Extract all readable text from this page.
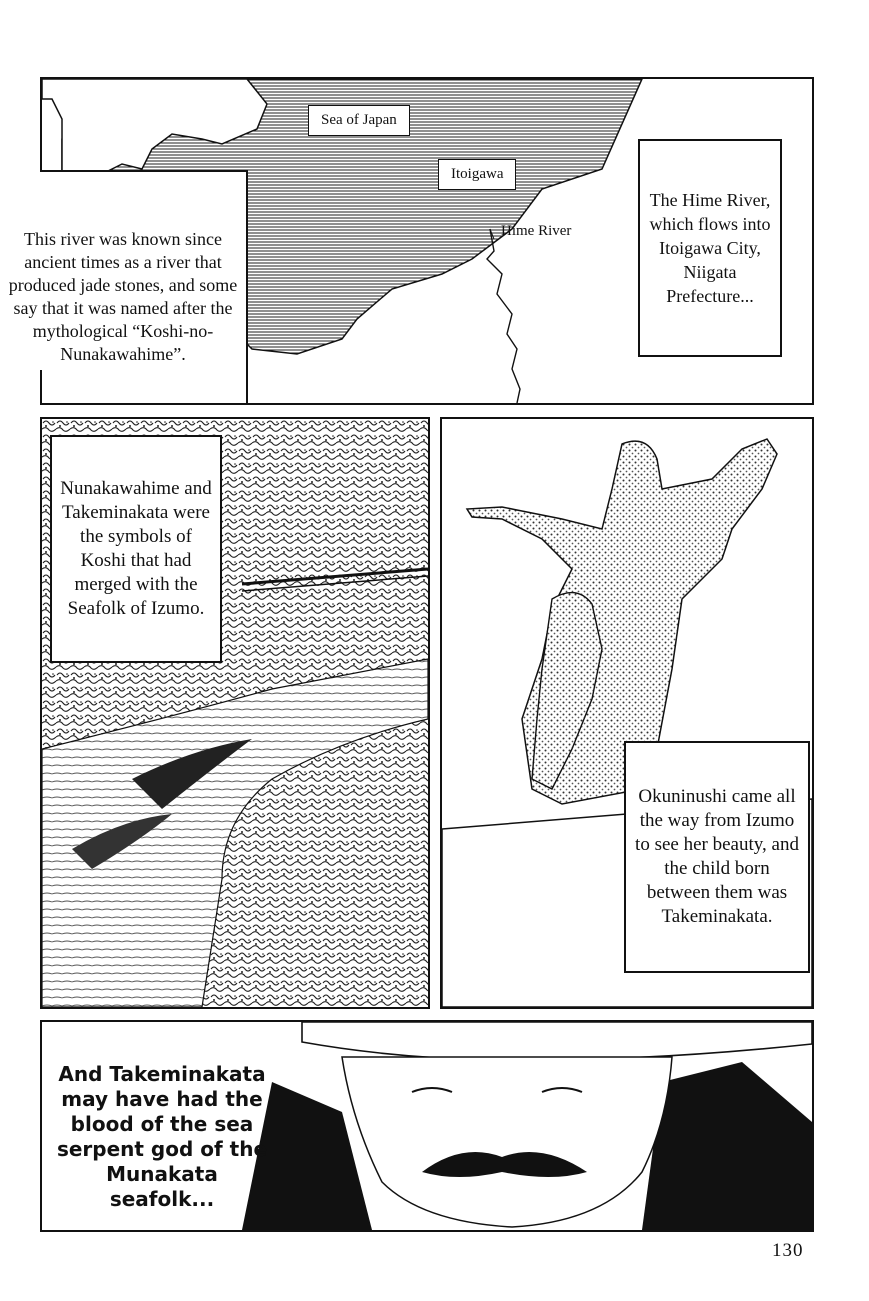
Sea of Japan
Itoigawa
Hime River
The Hime River, which flows into Itoigawa City, Niigata Prefecture...
This river was known since ancient times as a river that produced jade stones, and some say that it was named after the mythological “Koshi-no-Nunakawahime”.
Nunakawahime and Takeminakata were the symbols of Koshi that had merged with the Seafolk of Izumo.
Okuninushi came all the way from Izumo to see her beauty, and the child born between them was Takeminakata.
And Takeminakata may have had the blood of the sea serpent god of the Munakata seafolk...
130
